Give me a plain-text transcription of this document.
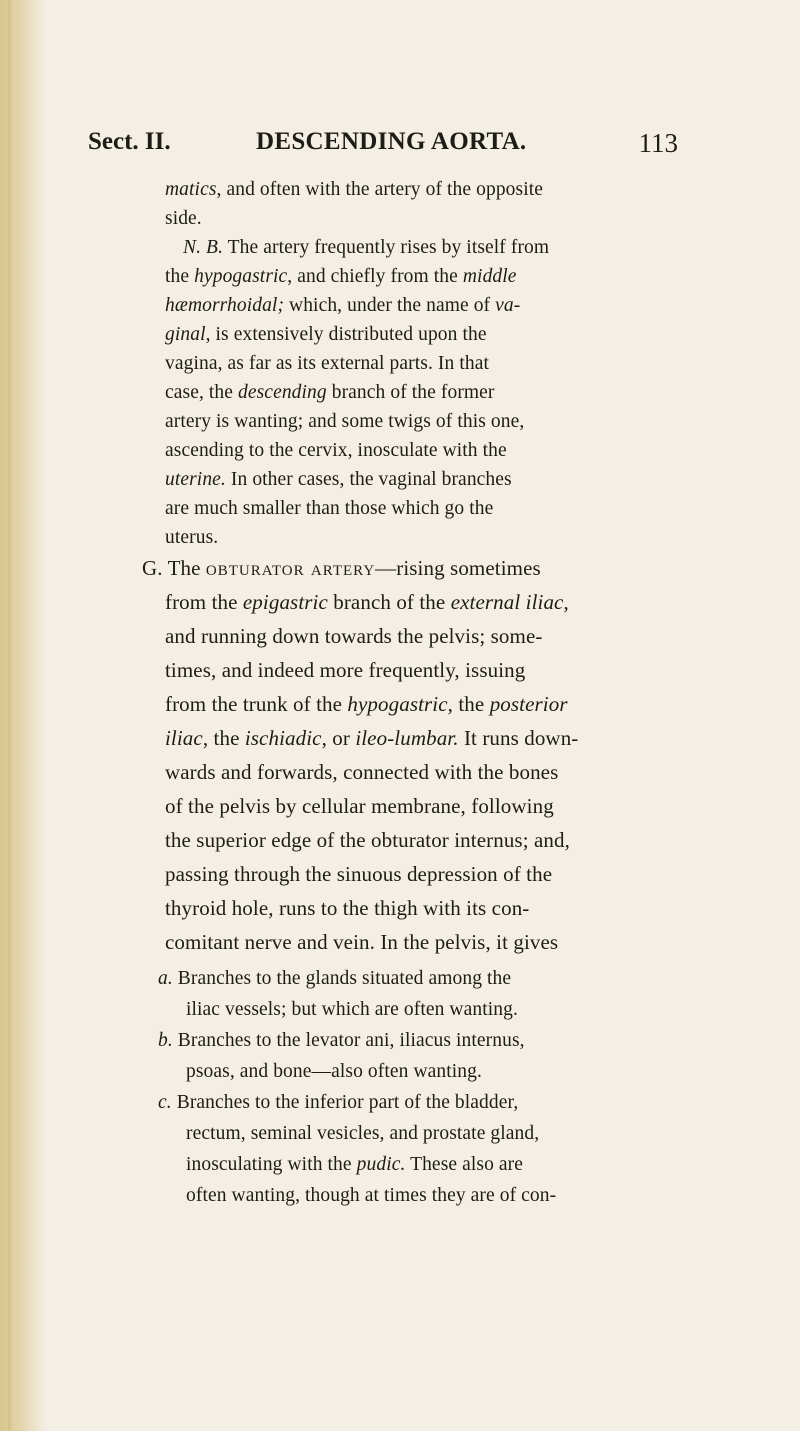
Sect. II.	DESCENDING AORTA.	113
matics, and often with the artery of the opposite
side.
N. B. The artery frequently rises by itself from
the hypogastric, and chiefly from the middle
hæmorrhoidal; which, under the name of va-
ginal, is extensively distributed upon the
vagina, as far as its external parts. In that
case, the descending branch of the former
artery is wanting; and some twigs of this one,
ascending to the cervix, inosculate with the
uterine. In other cases, the vaginal branches
are much smaller than those which go the
uterus.
G. The obturator artery—rising sometimes
from the epigastric branch of the external iliac,
and running down towards the pelvis; some-
times, and indeed more frequently, issuing
from the trunk of the hypogastric, the posterior
iliac, the ischiadic, or ileo-lumbar. It runs down-
wards and forwards, connected with the bones
of the pelvis by cellular membrane, following
the superior edge of the obturator internus; and,
passing through the sinuous depression of the
thyroid hole, runs to the thigh with its con-
comitant nerve and vein. In the pelvis, it gives
a. Branches to the glands situated among the
iliac vessels; but which are often wanting.
b. Branches to the levator ani, iliacus internus,
psoas, and bone—also often wanting.
c. Branches to the inferior part of the bladder,
rectum, seminal vesicles, and prostate gland,
inosculating with the pudic. These also are
often wanting, though at times they are of con-
